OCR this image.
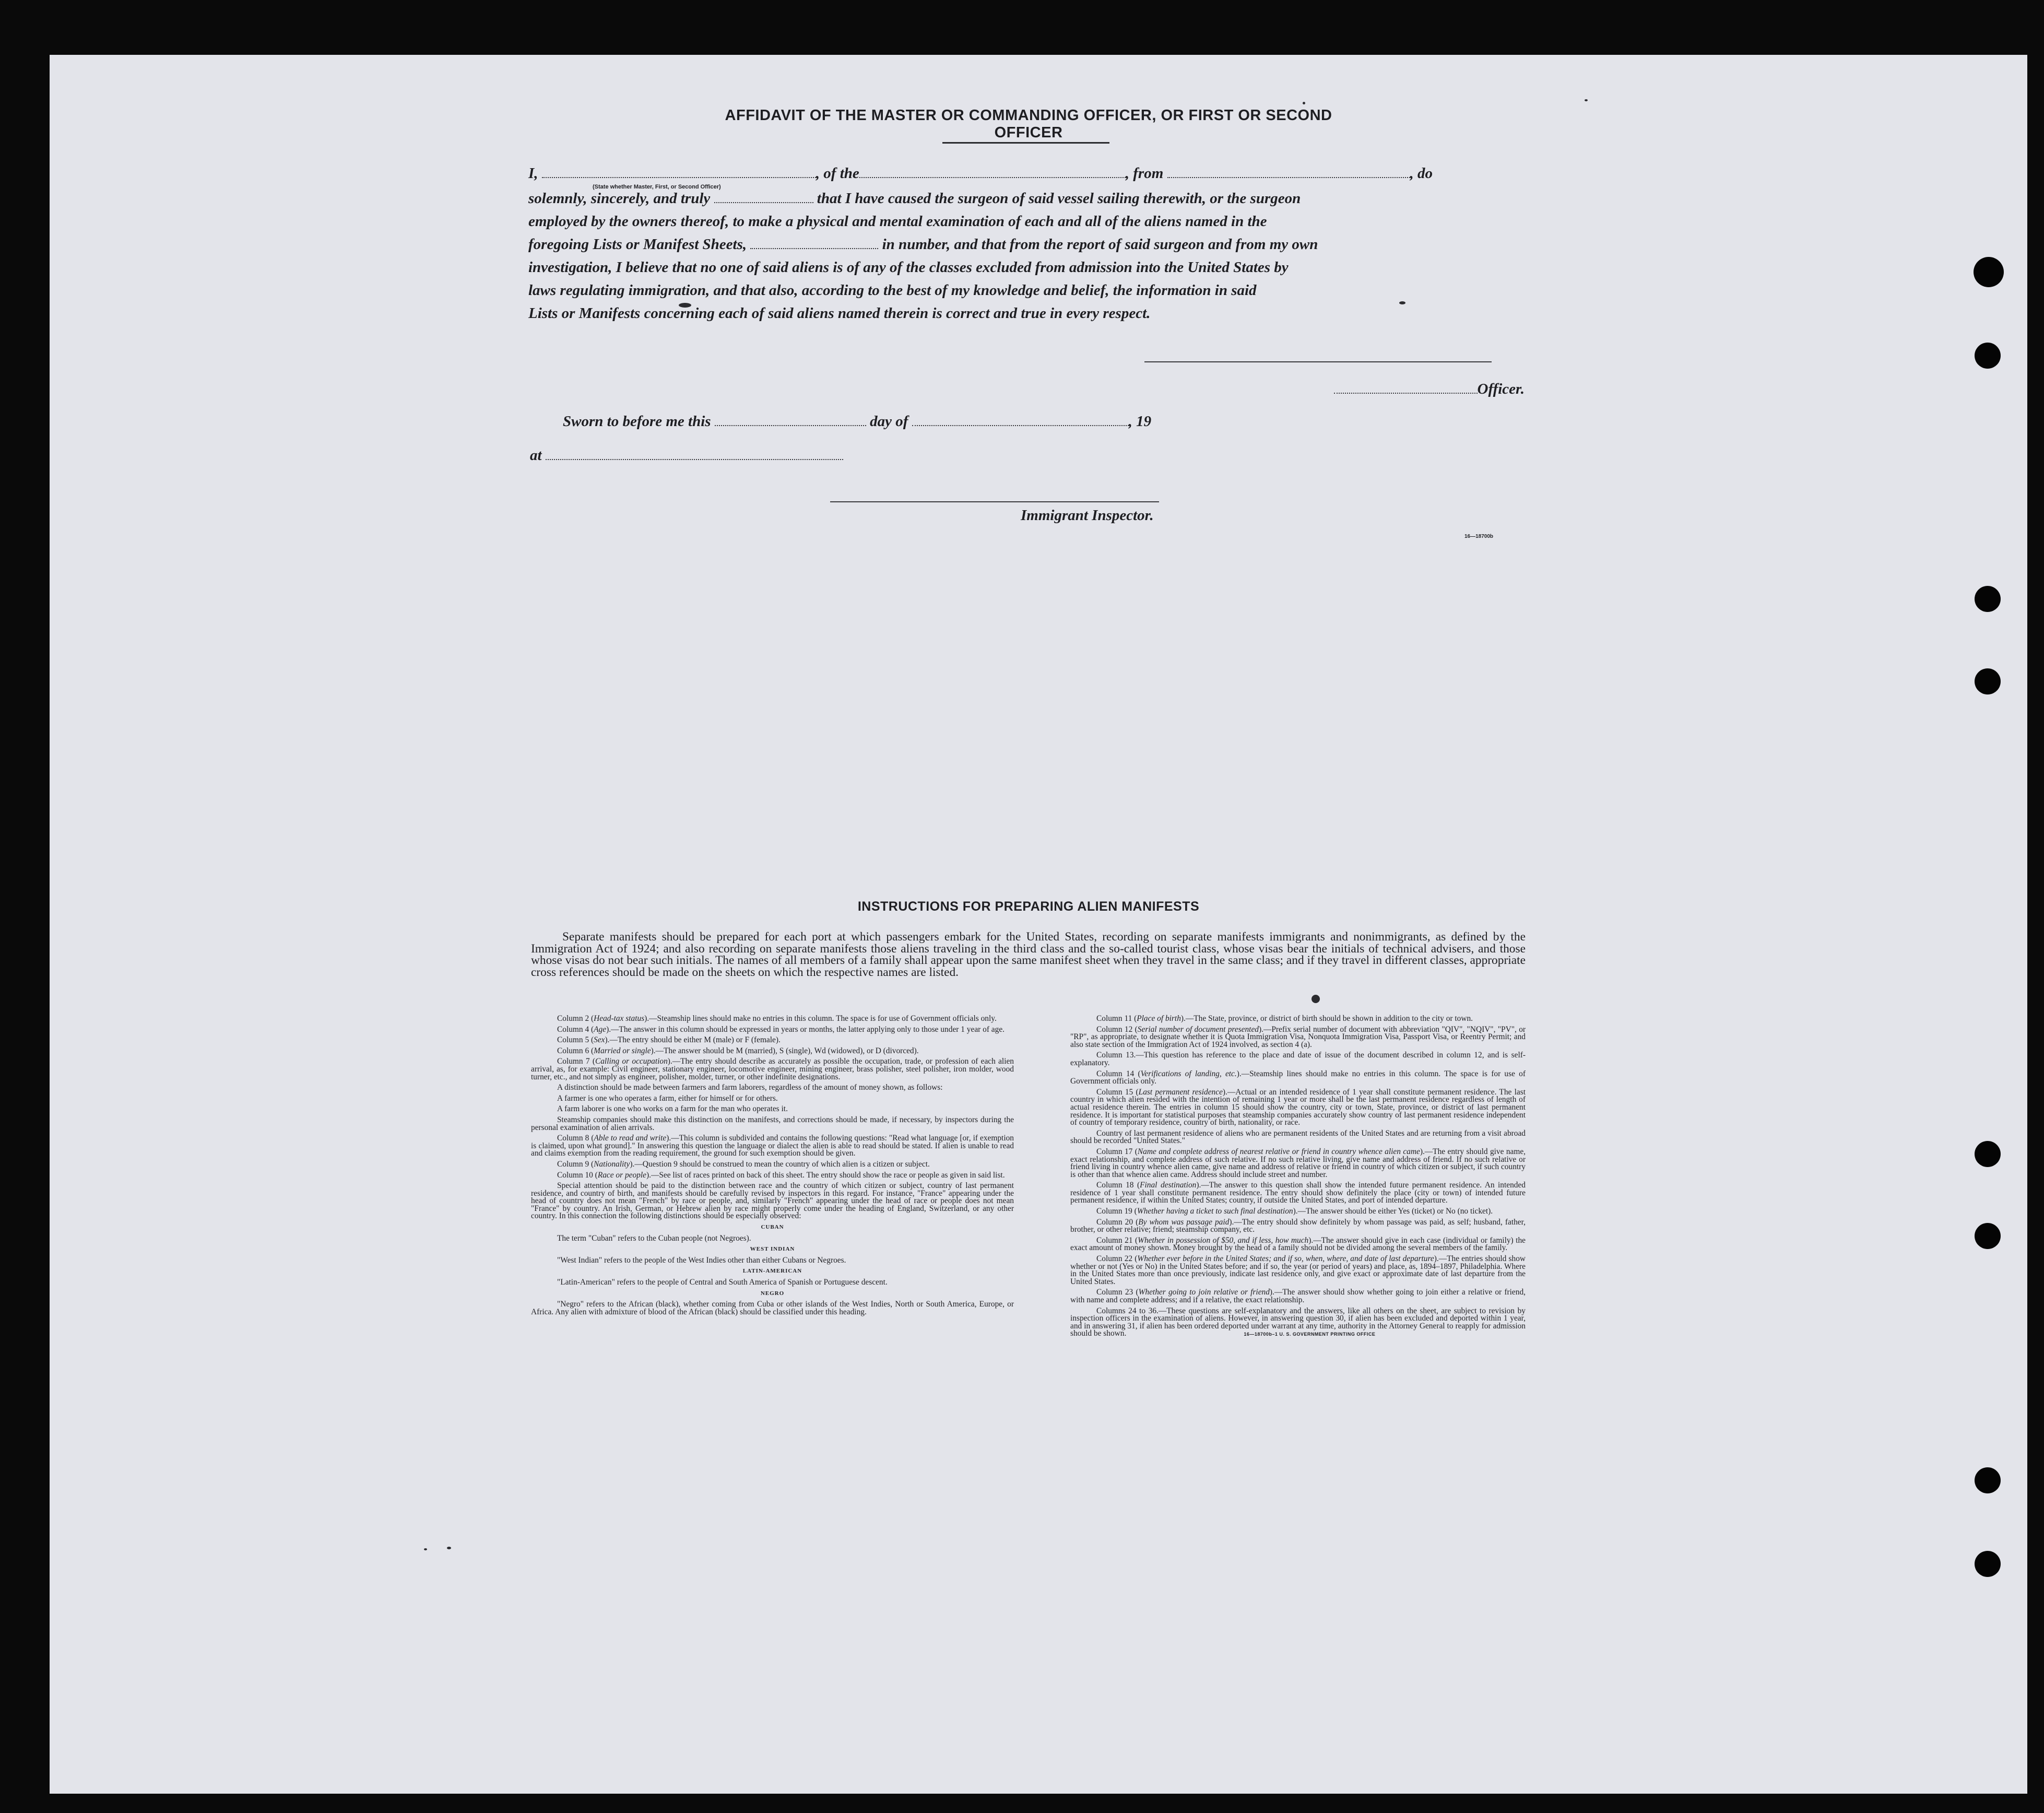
AFFIDAVIT OF THE MASTER OR COMMANDING OFFICER, OR FIRST OR SECOND OFFICER
I,	, of the	, from	, do
(State whether Master, First, or Second Officer)
solemnly, sincerely, and truly	that I have caused the surgeon of said vessel sailing therewith, or the surgeon
employed by the owners thereof, to make a physical and mental examination of each and all of the aliens named in the
foregoing Lists or Manifest Sheets,	in number, and that from the report of said surgeon and from my own
investigation, I believe that no one of said aliens is of any of the classes excluded from admission into the United States by
laws regulating immigration, and that also, according to the best of my knowledge and belief, the information in said
Lists or Manifests concerning each of said aliens named therein is correct and true in every respect.
Officer.
Sworn to before me this	day of	, 19
at
Immigrant Inspector.
16—18700b
INSTRUCTIONS FOR PREPARING ALIEN MANIFESTS
Separate manifests should be prepared for each port at which passengers embark for the United States, recording on separate manifests immigrants and nonimmigrants, as defined by the Immigration Act of 1924; and also recording on separate manifests those aliens traveling in the third class and the so-called tourist class, whose visas bear the initials of technical advisers, and those whose visas do not bear such initials. The names of all members of a family shall appear upon the same manifest sheet when they travel in the same class; and if they travel in different classes, appropriate cross references should be made on the sheets on which the respective names are listed.

Column 2 (Head-tax status).—Steamship lines should make no entries in this column. The space is for use of Government officials only.

Column 4 (Age).—The answer in this column should be expressed in years or months, the latter applying only to those under 1 year of age.

Column 5 (Sex).—The entry should be either M (male) or F (female).

Column 6 (Married or single).—The answer should be M (married), S (single), Wd (widowed), or D (divorced).

Column 7 (Calling or occupation).—The entry should describe as accurately as possible the occupation, trade, or profession of each alien arrival, as, for example: Civil engineer, stationary engineer, locomotive engineer, mining engineer, brass polisher, steel polisher, iron molder, wood turner, etc., and not simply as engineer, polisher, molder, turner, or other indefinite designations.

A distinction should be made between farmers and farm laborers, regardless of the amount of money shown, as follows:

A farmer is one who operates a farm, either for himself or for others.

A farm laborer is one who works on a farm for the man who operates it.

Steamship companies should make this distinction on the manifests, and corrections should be made, if necessary, by inspectors during the personal examination of alien arrivals.

Column 8 (Able to read and write).—This column is subdivided and contains the following questions: "Read what language [or, if exemption is claimed, upon what ground]." In answering this question the language or dialect the alien is able to read should be stated. If alien is unable to read and claims exemption from the reading requirement, the ground for such exemption should be given.

Column 9 (Nationality).—Question 9 should be construed to mean the country of which alien is a citizen or subject.

Column 10 (Race or people).—See list of races printed on back of this sheet. The entry should show the race or people as given in said list.

Special attention should be paid to the distinction between race and the country of which citizen or subject, country of last permanent residence, and country of birth, and manifests should be carefully revised by inspectors in this regard. For instance, "France" appearing under the head of country does not mean "French" by race or people, and, similarly "French" appearing under the head of race or people does not mean "France" by country. An Irish, German, or Hebrew alien by race might properly come under the heading of England, Switzerland, or any other country. In this connection the following distinctions should be especially observed:

CUBAN

The term "Cuban" refers to the Cuban people (not Negroes).

WEST INDIAN

"West Indian" refers to the people of the West Indies other than either Cubans or Negroes.

LATIN-AMERICAN

"Latin-American" refers to the people of Central and South America of Spanish or Portuguese descent.

NEGRO

"Negro" refers to the African (black), whether coming from Cuba or other islands of the West Indies, North or South America, Europe, or Africa. Any alien with admixture of blood of the African (black) should be classified under this heading.

Column 11 (Place of birth).—The State, province, or district of birth should be shown in addition to the city or town.

Column 12 (Serial number of document presented).—Prefix serial number of document with abbreviation "QIV", "NQIV", "PV", or "RP", as appropriate, to designate whether it is Quota Immigration Visa, Nonquota Immigration Visa, Passport Visa, or Reentry Permit; and also state section of the Immigration Act of 1924 involved, as section 4 (a).

Column 13.—This question has reference to the place and date of issue of the document described in column 12, and is self-explanatory.

Column 14 (Verifications of landing, etc.).—Steamship lines should make no entries in this column. The space is for use of Government officials only.

Column 15 (Last permanent residence).—Actual or an intended residence of 1 year shall constitute permanent residence. The last country in which alien resided with the intention of remaining 1 year or more shall be the last permanent residence regardless of length of actual residence therein. The entries in column 15 should show the country, city or town, State, province, or district of last permanent residence. It is important for statistical purposes that steamship companies accurately show country of last permanent residence independent of country of temporary residence, country of birth, nationality, or race.

Country of last permanent residence of aliens who are permanent residents of the United States and are returning from a visit abroad should be recorded "United States."

Column 17 (Name and complete address of nearest relative or friend in country whence alien came).—The entry should give name, exact relationship, and complete address of such relative. If no such relative living, give name and address of friend. If no such relative or friend living in country whence alien came, give name and address of relative or friend in country of which citizen or subject, if such country is other than that whence alien came. Address should include street and number.

Column 18 (Final destination).—The answer to this question shall show the intended future permanent residence. An intended residence of 1 year shall constitute permanent residence. The entry should show definitely the place (city or town) of intended future permanent residence, if within the United States; country, if outside the United States, and port of intended departure.

Column 19 (Whether having a ticket to such final destination).—The answer should be either Yes (ticket) or No (no ticket).

Column 20 (By whom was passage paid).—The entry should show definitely by whom passage was paid, as self; husband, father, brother, or other relative; friend; steamship company, etc.

Column 21 (Whether in possession of $50, and if less, how much).—The answer should give in each case (individual or family) the exact amount of money shown. Money brought by the head of a family should not be divided among the several members of the family.

Column 22 (Whether ever before in the United States; and if so, when, where, and date of last departure).—The entries should show whether or not (Yes or No) in the United States before; and if so, the year (or period of years) and place, as, 1894–1897, Philadelphia. Where in the United States more than once previously, indicate last residence only, and give exact or approximate date of last departure from the United States.

Column 23 (Whether going to join relative or friend).—The answer should show whether going to join either a relative or friend, with name and complete address; and if a relative, the exact relationship.

Columns 24 to 36.—These questions are self-explanatory and the answers, like all others on the sheet, are subject to revision by inspection officers in the examination of aliens. However, in answering question 30, if alien has been excluded and deported within 1 year, and in answering 31, if alien has been ordered deported under warrant at any time, authority in the Attorney General to reapply for admission should be shown.	16—18700b–1 U. S. GOVERNMENT PRINTING OFFICE
